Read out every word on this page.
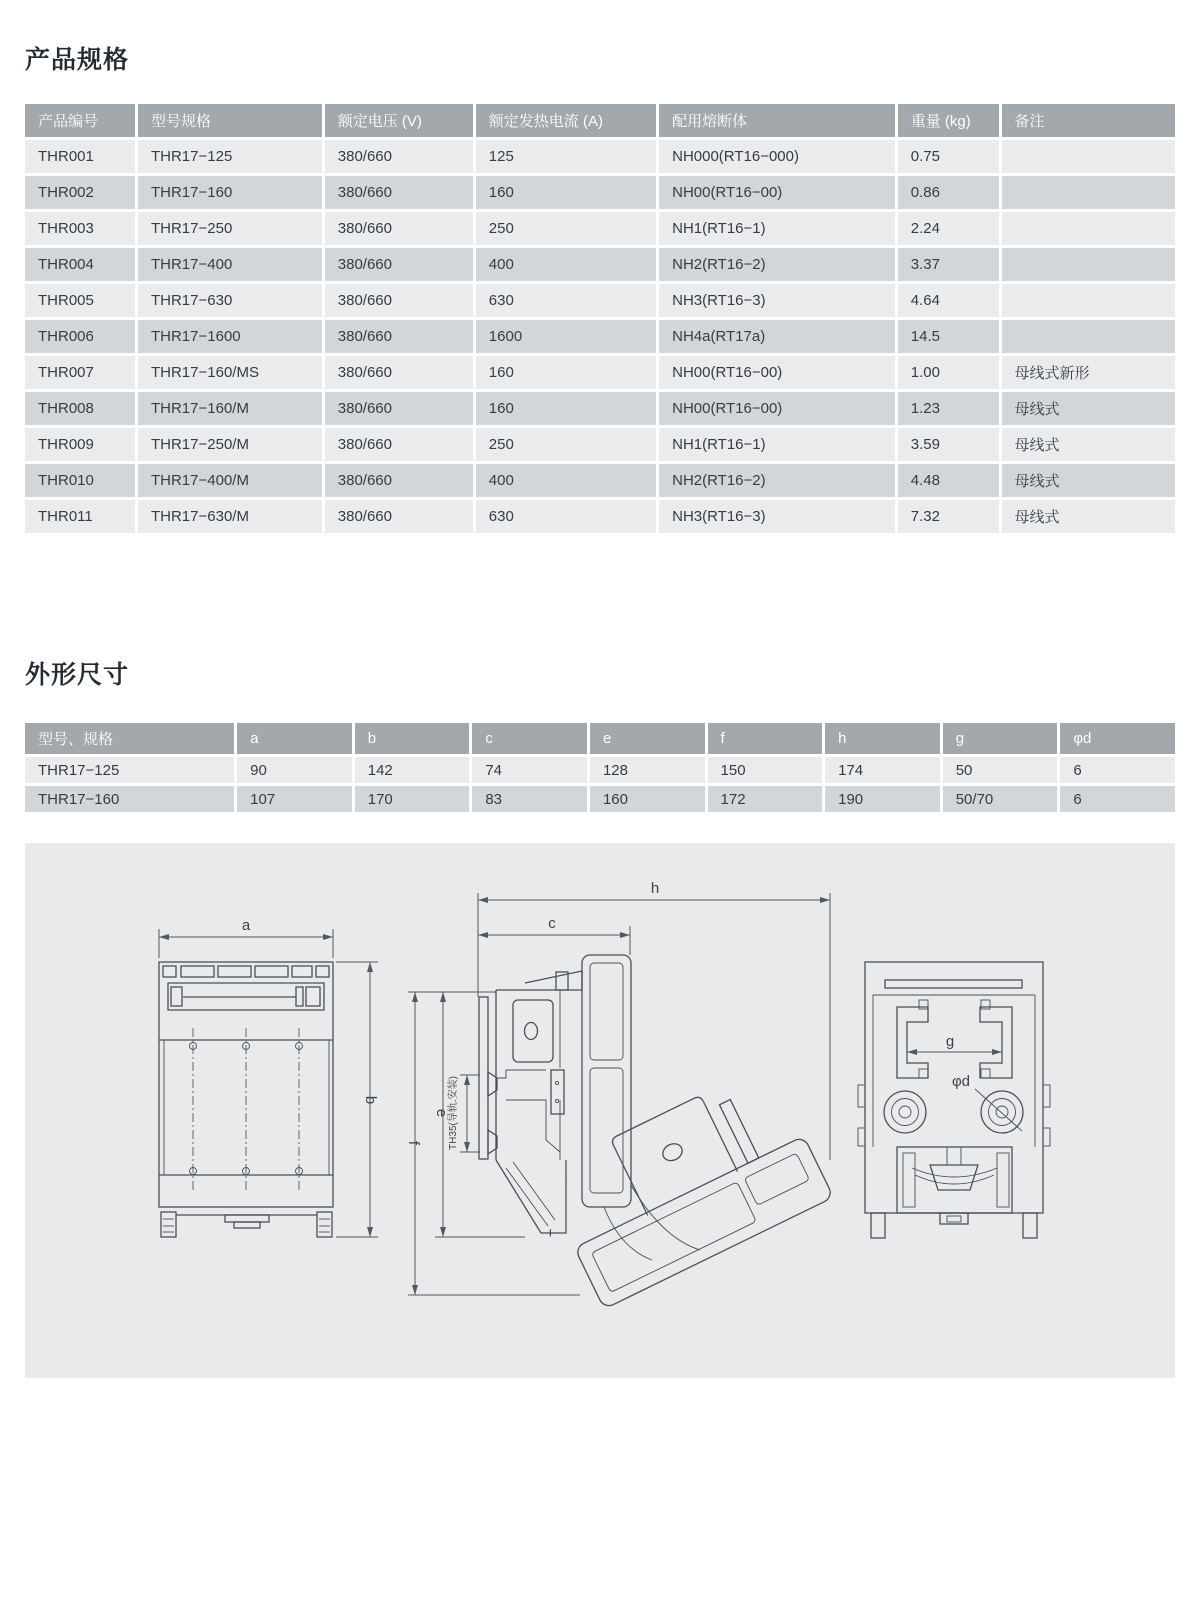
产品规格
产品编号	型号规格	额定电压 (V)	额定发热电流 (A)	配用熔断体	重量 (kg)	备注
THR001	THR17−125	380/660	125	NH000(RT16−000)	0.75	
THR002	THR17−160	380/660	160	NH00(RT16−00)	0.86	
THR003	THR17−250	380/660	250	NH1(RT16−1)	2.24	
THR004	THR17−400	380/660	400	NH2(RT16−2)	3.37	
THR005	THR17−630	380/660	630	NH3(RT16−3)	4.64	
THR006	THR17−1600	380/660	1600	NH4a(RT17a)	14.5	
THR007	THR17−160/MS	380/660	160	NH00(RT16−00)	1.00	母线式新形
THR008	THR17−160/M	380/660	160	NH00(RT16−00)	1.23	母线式
THR009	THR17−250/M	380/660	250	NH1(RT16−1)	3.59	母线式
THR010	THR17−400/M	380/660	400	NH2(RT16−2)	4.48	母线式
THR011	THR17−630/M	380/660	630	NH3(RT16−3)	7.32	母线式
外形尺寸
型号、规格	a	b	c	e	f	h	g	φd
THR17−125	90	142	74	128	150	174	50	6
THR17−160	107	170	83	160	172	190	50/70	6
a
b
h
c
f
e
TH35(导轨.安装)
+
g
φd
